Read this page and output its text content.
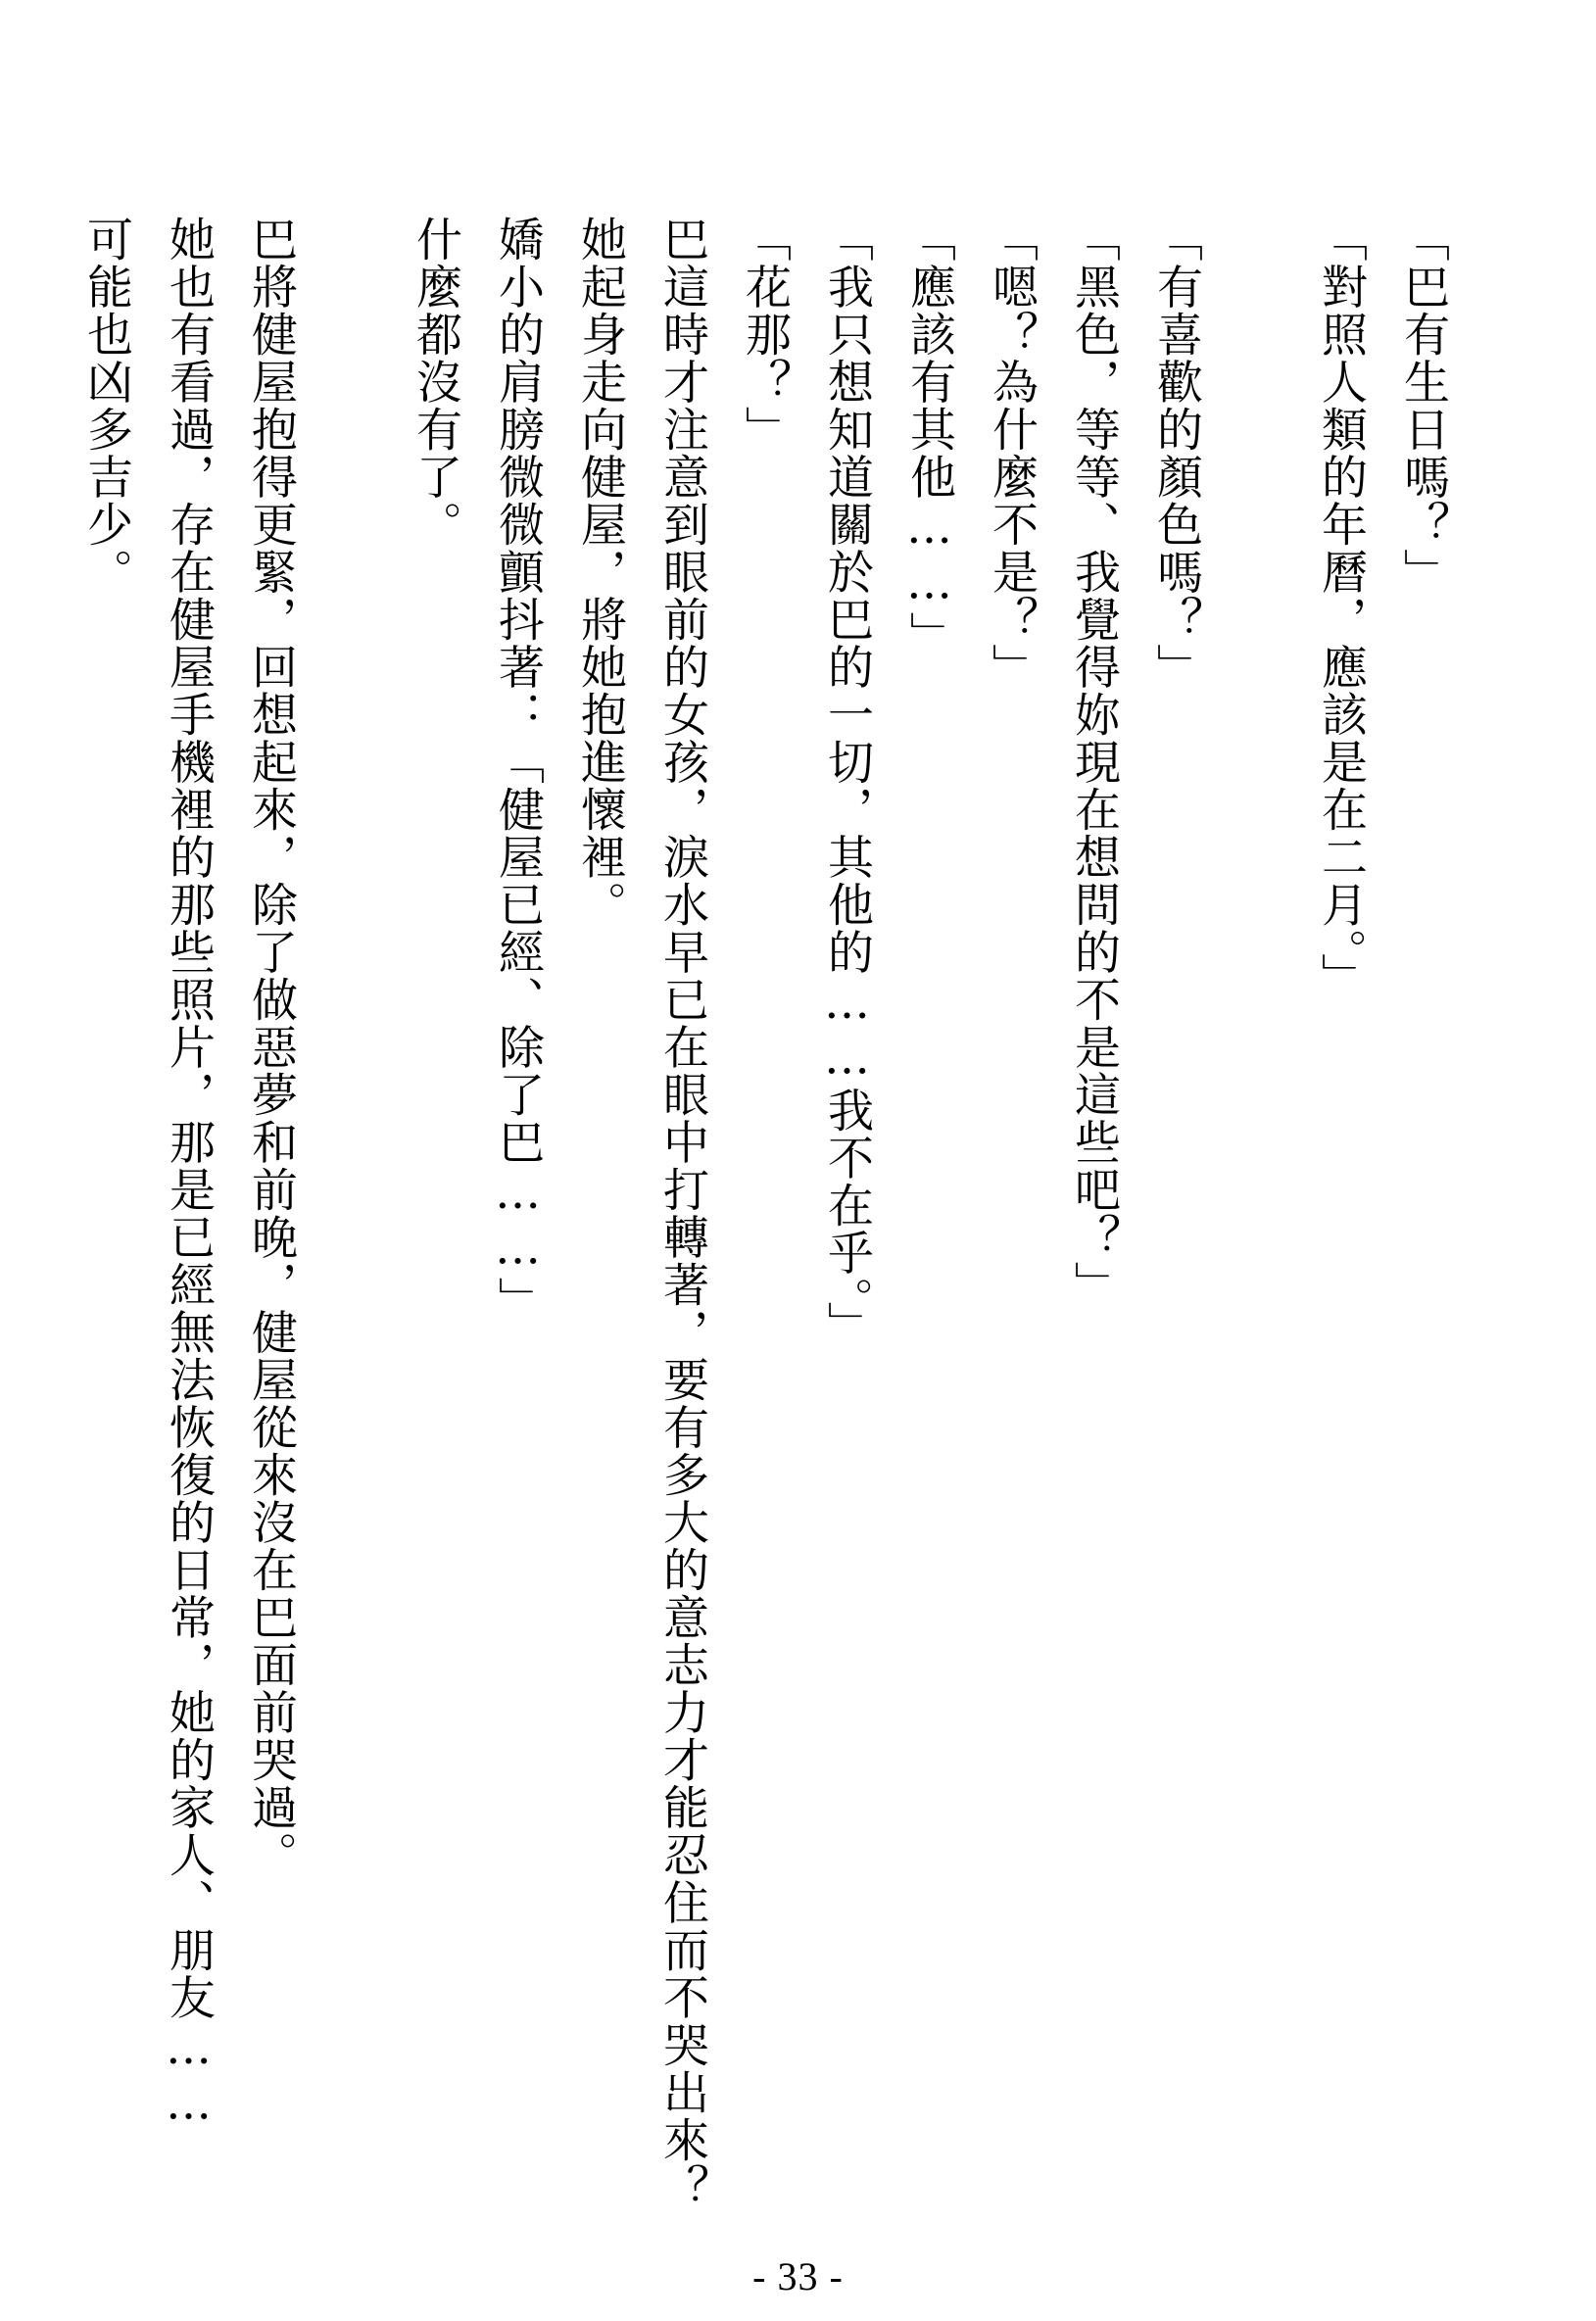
「巴有生日嗎？」

「對照人類的年曆，應該是在二月。」

「有喜歡的顏色嗎？」

「黑色，等等、我覺得妳現在想問的不是這些吧？」

「嗯？為什麼不是？」

「應該有其他……」

「我只想知道關於巴的一切，其他的……我不在乎。」

「花那？」

巴這時才注意到眼前的女孩，淚水早已在眼中打轉著，要有多大的意志力才能忍住而不哭出來？

她起身走向健屋，將她抱進懷裡。

嬌小的肩膀微微顫抖著：「健屋已經、除了巴……」

什麼都沒有了。

巴將健屋抱得更緊，回想起來，除了做惡夢和前晚，健屋從來沒在巴面前哭過。

她也有看過，存在健屋手機裡的那些照片，那是已經無法恢復的日常，她的家人、朋友……

可能也凶多吉少。

- 33 -
